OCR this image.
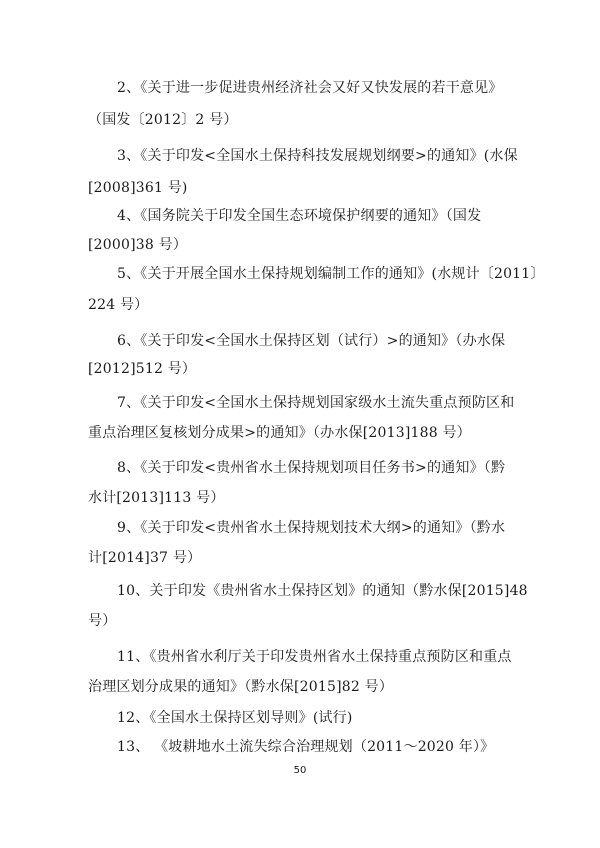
2、《关于进一步促进贵州经济社会又好又快发展的若干意见》
（国发〔2012〕2 号）
3、《关于印发<全国水土保持科技发展规划纲要>的通知》(水保
[2008]361 号)
4、《国务院关于印发全国生态环境保护纲要的通知》（国发
[2000]38 号）
5、《关于开展全国水土保持规划编制工作的通知》(水规计〔2011〕
224 号）
6、《关于印发<全国水土保持区划（试行）>的通知》（办水保
[2012]512 号）
7、《关于印发<全国水土保持规划国家级水土流失重点预防区和
重点治理区复核划分成果>的通知》（办水保[2013]188 号）
8、《关于印发<贵州省水土保持规划项目任务书>的通知》（黔
水计[2013]113 号）
9、《关于印发<贵州省水土保持规划技术大纲>的通知》（黔水
计[2014]37 号）
10、关于印发《贵州省水土保持区划》的通知（黔水保[2015]48
号）
11、《贵州省水利厅关于印发贵州省水土保持重点预防区和重点
治理区划分成果的通知》（黔水保[2015]82 号）
12、《全国水土保持区划导则》(试行)
13、 《坡耕地水土流失综合治理规划（2011～2020 年）》
50
